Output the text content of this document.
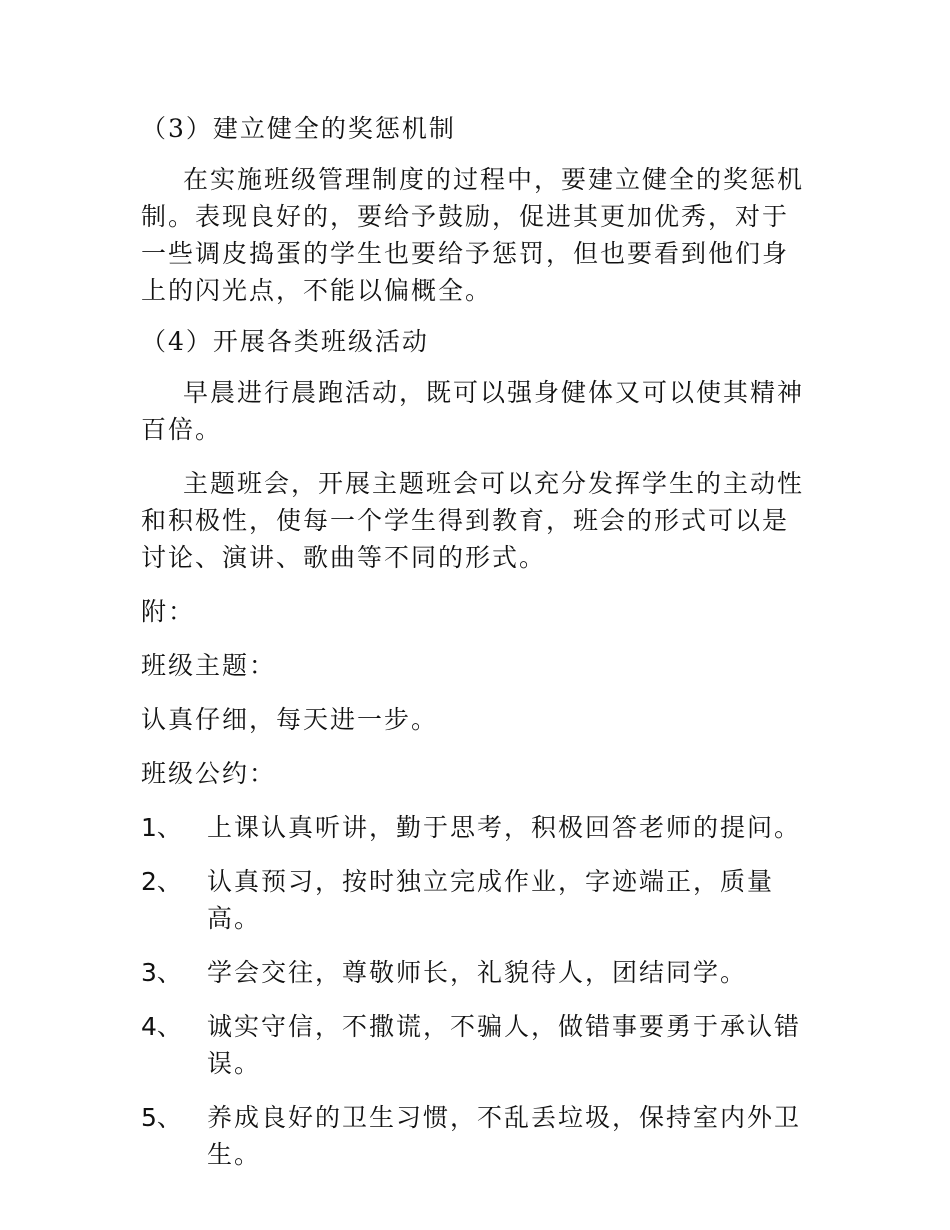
（3）建立健全的奖惩机制

在实施班级管理制度的过程中，要建立健全的奖惩机制。表现良好的，要给予鼓励，促进其更加优秀，对于一些调皮捣蛋的学生也要给予惩罚，但也要看到他们身上的闪光点，不能以偏概全。

（4）开展各类班级活动

早晨进行晨跑活动，既可以强身健体又可以使其精神百倍。

主题班会，开展主题班会可以充分发挥学生的主动性和积极性，使每一个学生得到教育，班会的形式可以是讨论、演讲、歌曲等不同的形式。

附：

班级主题：

认真仔细，每天进一步。

班级公约：

1、	上课认真听讲，勤于思考，积极回答老师的提问。
2、	认真预习，按时独立完成作业，字迹端正，质量高。
3、	学会交往，尊敬师长，礼貌待人，团结同学。
4、	诚实守信，不撒谎，不骗人，做错事要勇于承认错误。
5、	养成良好的卫生习惯，不乱丢垃圾，保持室内外卫生。
